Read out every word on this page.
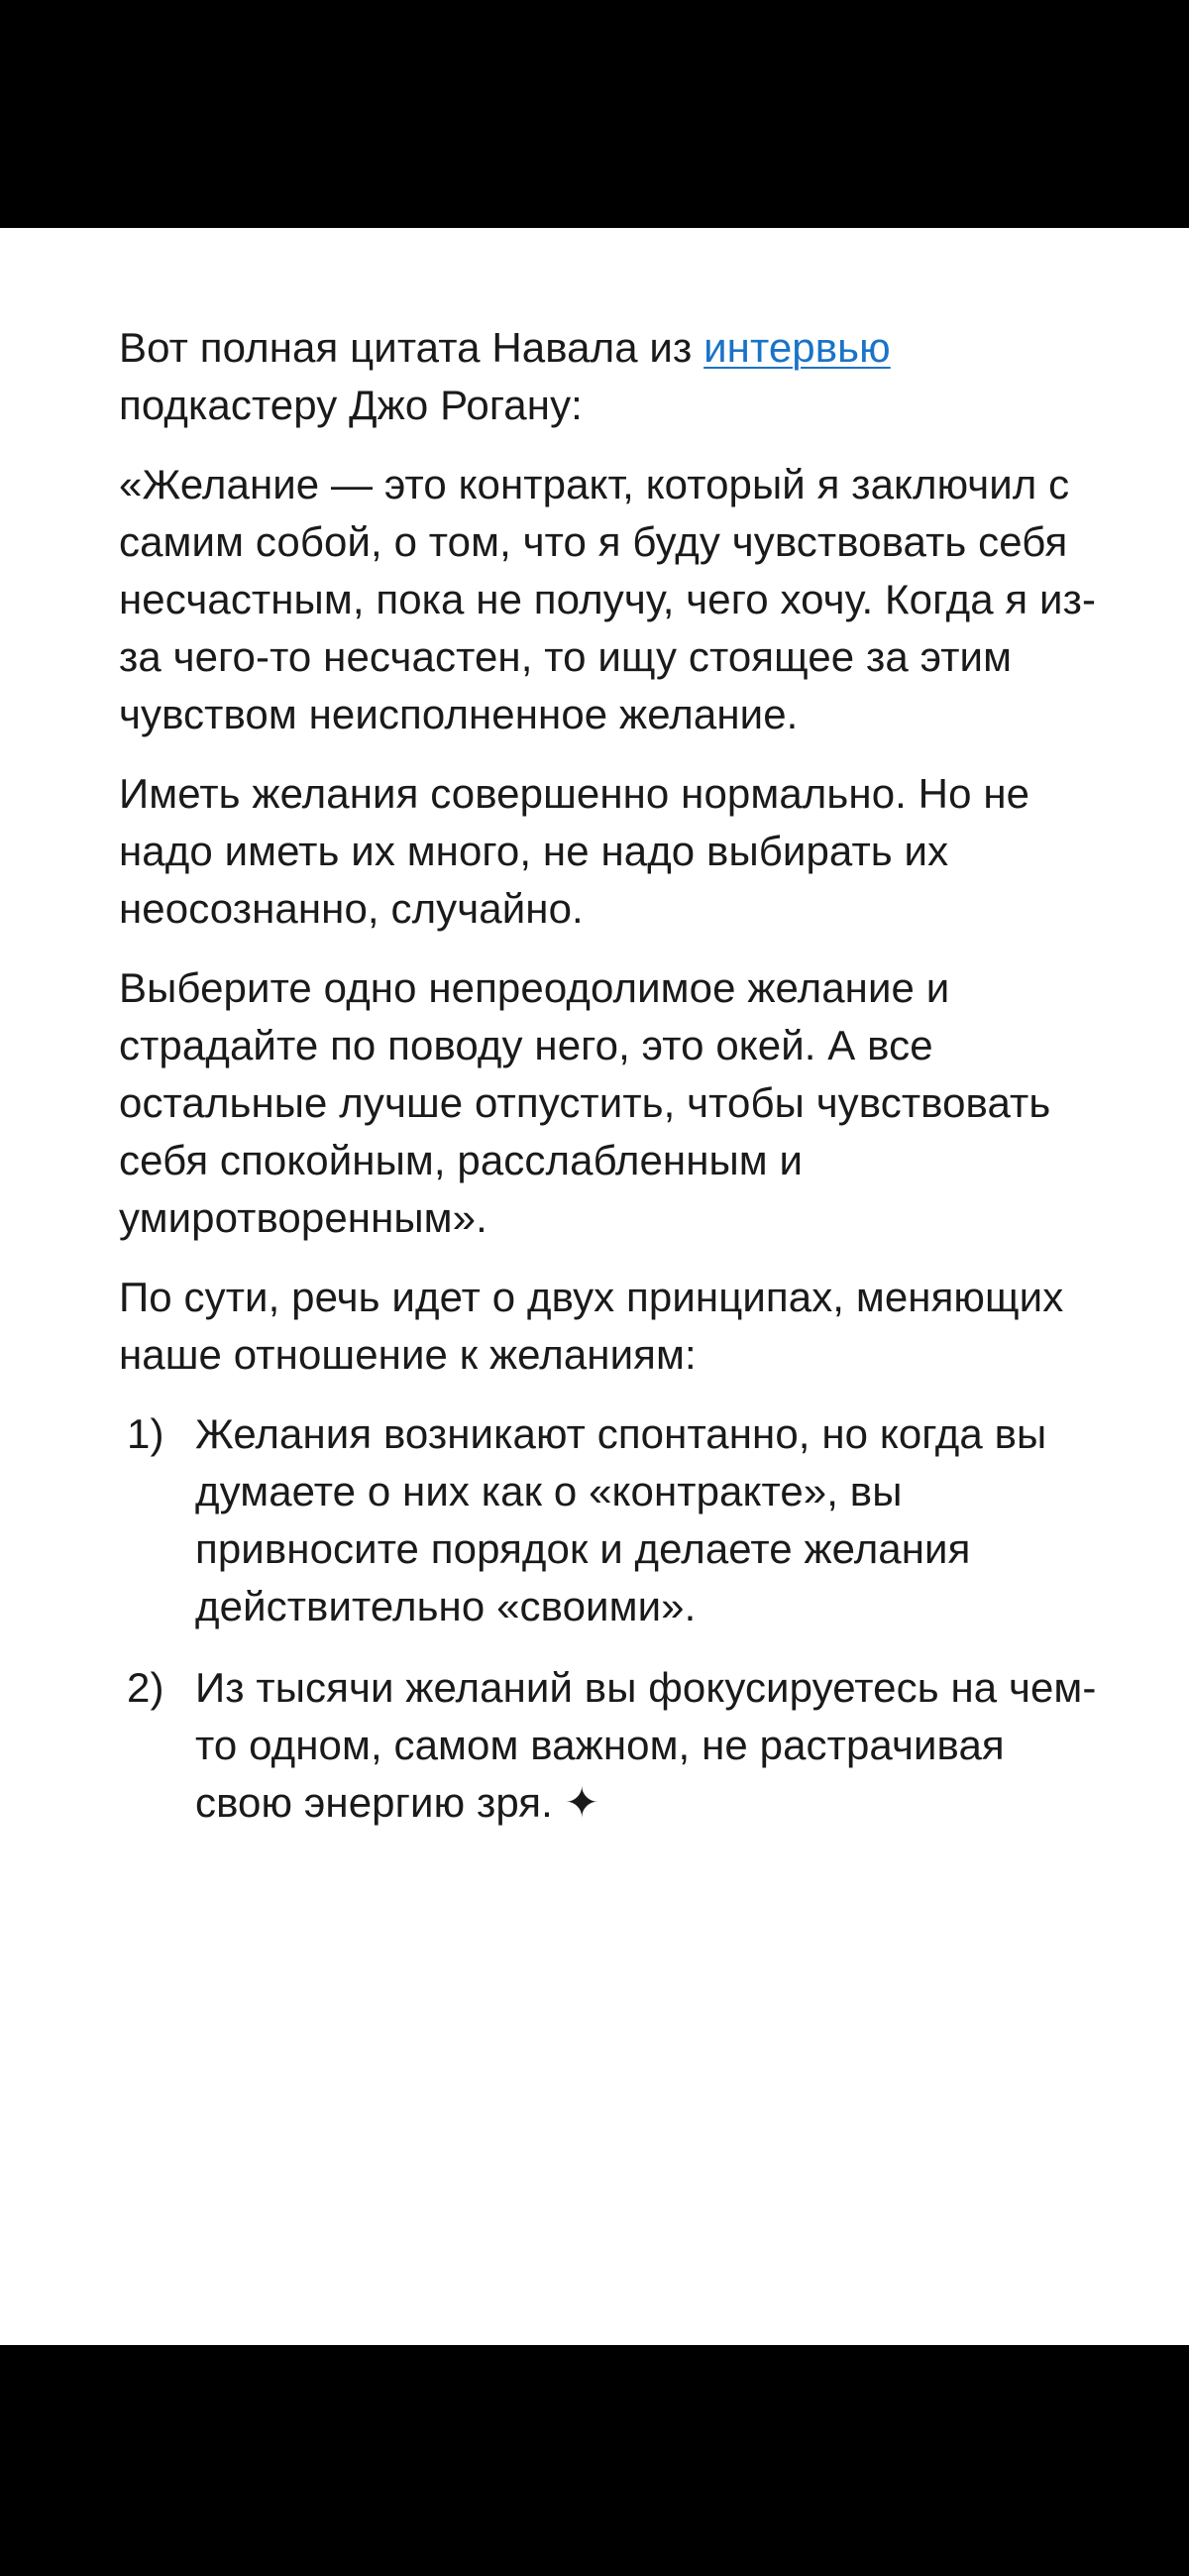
Вот полная цитата Навала из интервью
подкастеру Джо Рогану:

«Желание — это контракт, который я заключил с самим собой, о том, что я буду чувствовать себя несчастным, пока не получу, чего хочу. Когда я из-за чего-то несчастен, то ищу стоящее за этим чувством неисполненное желание.

Иметь желания совершенно нормально. Но не надо иметь их много, не надо выбирать их неосознанно, случайно.

Выберите одно непреодолимое желание и страдайте по поводу него, это окей. А все остальные лучше отпустить, чтобы чувствовать себя спокойным, расслабленным и умиротворенным».

По сути, речь идет о двух принципах, меняющих наше отношение к желаниям:

1) Желания возникают спонтанно, но когда вы думаете о них как о «контракте», вы привносите порядок и делаете желания действительно «своими».
2) Из тысячи желаний вы фокусируетесь на чем-то одном, самом важном, не растрачивая свою энергию зря. ✦
